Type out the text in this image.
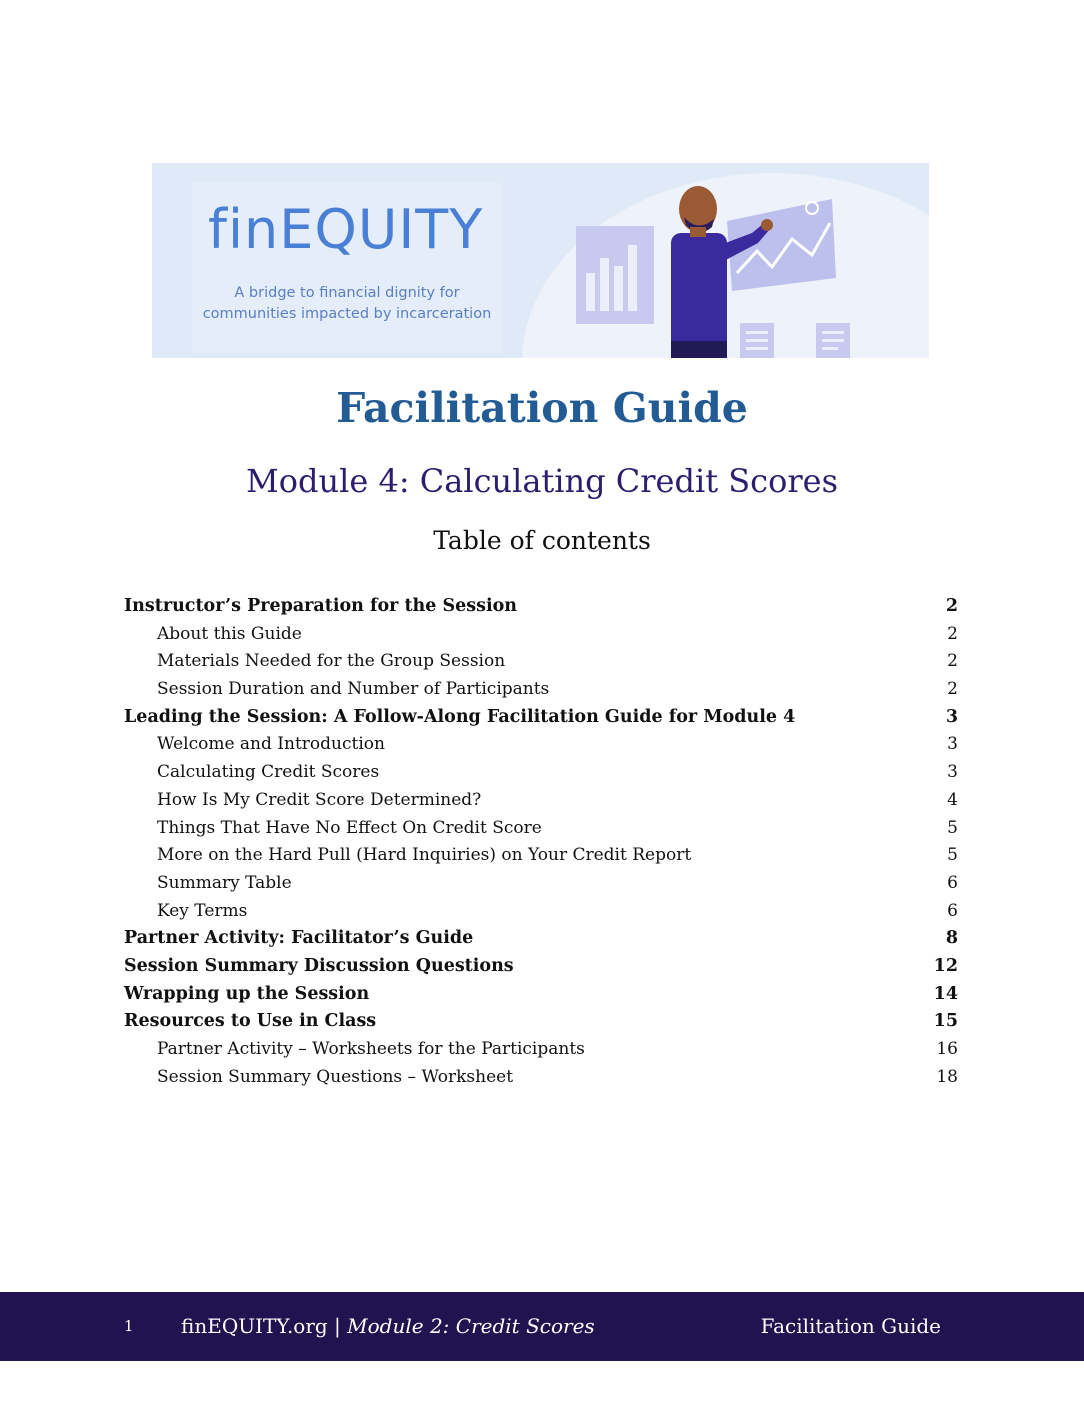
finEQUITY
A bridge to financial dignity for communities impacted by incarceration
Facilitation Guide
Module 4: Calculating Credit Scores
Table of contents
Instructor’s Preparation for the Session	2
About this Guide	2
Materials Needed for the Group Session	2
Session Duration and Number of Participants	2
Leading the Session: A Follow-Along Facilitation Guide for Module 4	3
Welcome and Introduction	3
Calculating Credit Scores	3
How Is My Credit Score Determined?	4
Things That Have No Effect On Credit Score	5
More on the Hard Pull (Hard Inquiries) on Your Credit Report	5
Summary Table	6
Key Terms	6
Partner Activity: Facilitator’s Guide	8
Session Summary Discussion Questions	12
Wrapping up the Session	14
Resources to Use in Class	15
Partner Activity – Worksheets for the Participants	16
Session Summary Questions – Worksheet	18
1 finEQUITY.org | Module 2: Credit Scores	Facilitation Guide
